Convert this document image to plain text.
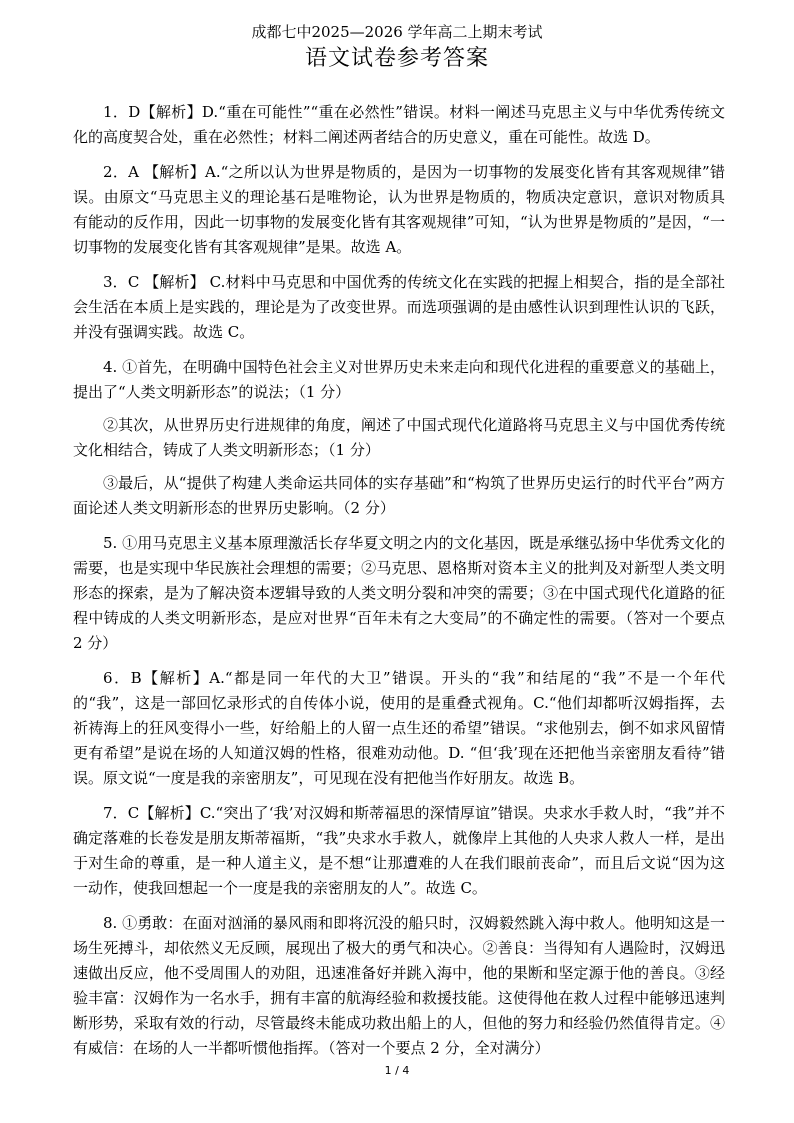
成都七中2025—2026 学年高二上期末考试
语文试卷参考答案

1．D【解析】D.“重在可能性”“重在必然性”错误。材料一阐述马克思主义与中华优秀传统文化的高度契合处，重在必然性；材料二阐述两者结合的历史意义，重在可能性。故选 D。

2．A 【解析】A.“之所以认为世界是物质的，是因为一切事物的发展变化皆有其客观规律”错误。由原文“马克思主义的理论基石是唯物论，认为世界是物质的，物质决定意识，意识对物质具有能动的反作用，因此一切事物的发展变化皆有其客观规律”可知，“认为世界是物质的”是因，“一切事物的发展变化皆有其客观规律”是果。故选 A。

3．C 【解析】 C.材料中马克思和中国优秀的传统文化在实践的把握上相契合，指的是全部社会生活在本质上是实践的，理论是为了改变世界。而选项强调的是由感性认识到理性认识的飞跃，并没有强调实践。故选 C。

4. ①首先，在明确中国特色社会主义对世界历史未来走向和现代化进程的重要意义的基础上，提出了“人类文明新形态”的说法；（1 分）

②其次，从世界历史行进规律的角度，阐述了中国式现代化道路将马克思主义与中国优秀传统文化相结合，铸成了人类文明新形态；（1 分）

③最后，从“提供了构建人类命运共同体的实存基础”和“构筑了世界历史运行的时代平台”两方面论述人类文明新形态的世界历史影响。（2 分）

5. ①用马克思主义基本原理激活长存华夏文明之内的文化基因，既是承继弘扬中华优秀文化的需要，也是实现中华民族社会理想的需要；②马克思、恩格斯对资本主义的批判及对新型人类文明形态的探索，是为了解决资本逻辑导致的人类文明分裂和冲突的需要；③在中国式现代化道路的征程中铸成的人类文明新形态，是应对世界“百年未有之大变局”的不确定性的需要。（答对一个要点 2 分）

6．B【解析】A.“都是同一年代的大卫”错误。开头的“我”和结尾的“我”不是一个年代的“我”，这是一部回忆录形式的自传体小说，使用的是重叠式视角。C.“他们却都听汉姆指挥，去祈祷海上的狂风变得小一些，好给船上的人留一点生还的希望”错误。“求他别去，倒不如求风留情更有希望”是说在场的人知道汉姆的性格，很难劝动他。D. “但‘我’现在还把他当亲密朋友看待”错误。原文说“一度是我的亲密朋友”，可见现在没有把他当作好朋友。故选 B。

7．C【解析】C.“突出了‘我’对汉姆和斯蒂福思的深情厚谊”错误。央求水手救人时，“我”并不确定落难的长卷发是朋友斯蒂福斯，“我”央求水手救人，就像岸上其他的人央求人救人一样，是出于对生命的尊重，是一种人道主义，是不想“让那遭难的人在我们眼前丧命”，而且后文说“因为这一动作，使我回想起一个一度是我的亲密朋友的人”。故选 C。

8. ①勇敢：在面对汹涌的暴风雨和即将沉没的船只时，汉姆毅然跳入海中救人。他明知这是一场生死搏斗，却依然义无反顾，展现出了极大的勇气和决心。②善良：当得知有人遇险时，汉姆迅速做出反应，他不受周围人的劝阻，迅速准备好并跳入海中，他的果断和坚定源于他的善良。③经验丰富：汉姆作为一名水手，拥有丰富的航海经验和救援技能。这使得他在救人过程中能够迅速判断形势，采取有效的行动，尽管最终未能成功救出船上的人，但他的努力和经验仍然值得肯定。④有威信：在场的人一半都听惯他指挥。（答对一个要点 2 分，全对满分）

1 / 4
